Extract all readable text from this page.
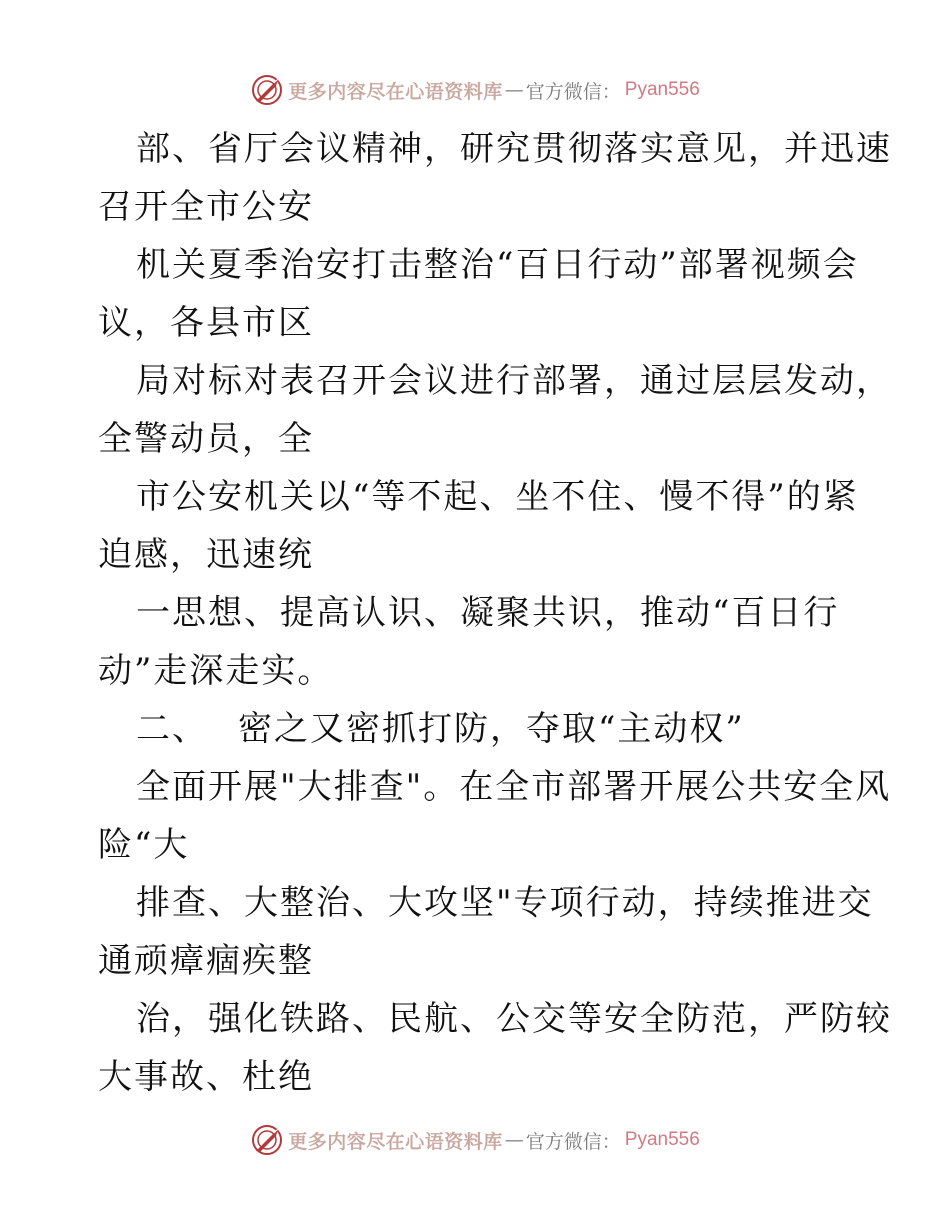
更多内容尽在心语资料库 — 官方微信 ： Pyan556
部、省厅会议精神，研究贯彻落实意见，并迅速
召开全市公安
机关夏季治安打击整治“百日行动”部署视频会
议，各县市区
局对标对表召开会议进行部署，通过层层发动，
全警动员，全
市公安机关以“等不起、坐不住、慢不得”的紧
迫感，迅速统
一思想、提高认识、凝聚共识，推动“百日行
动”走深走实。
二、 密之又密抓打防，夺取“主动权”
全面开展"大排查"。在全市部署开展公共安全风
险“大
排查、大整治、大攻坚"专项行动，持续推进交
通顽瘴痼疾整
治，强化铁路、民航、公交等安全防范，严防较
大事故、杜绝
更多内容尽在心语资料库 — 官方微信 ： Pyan556
